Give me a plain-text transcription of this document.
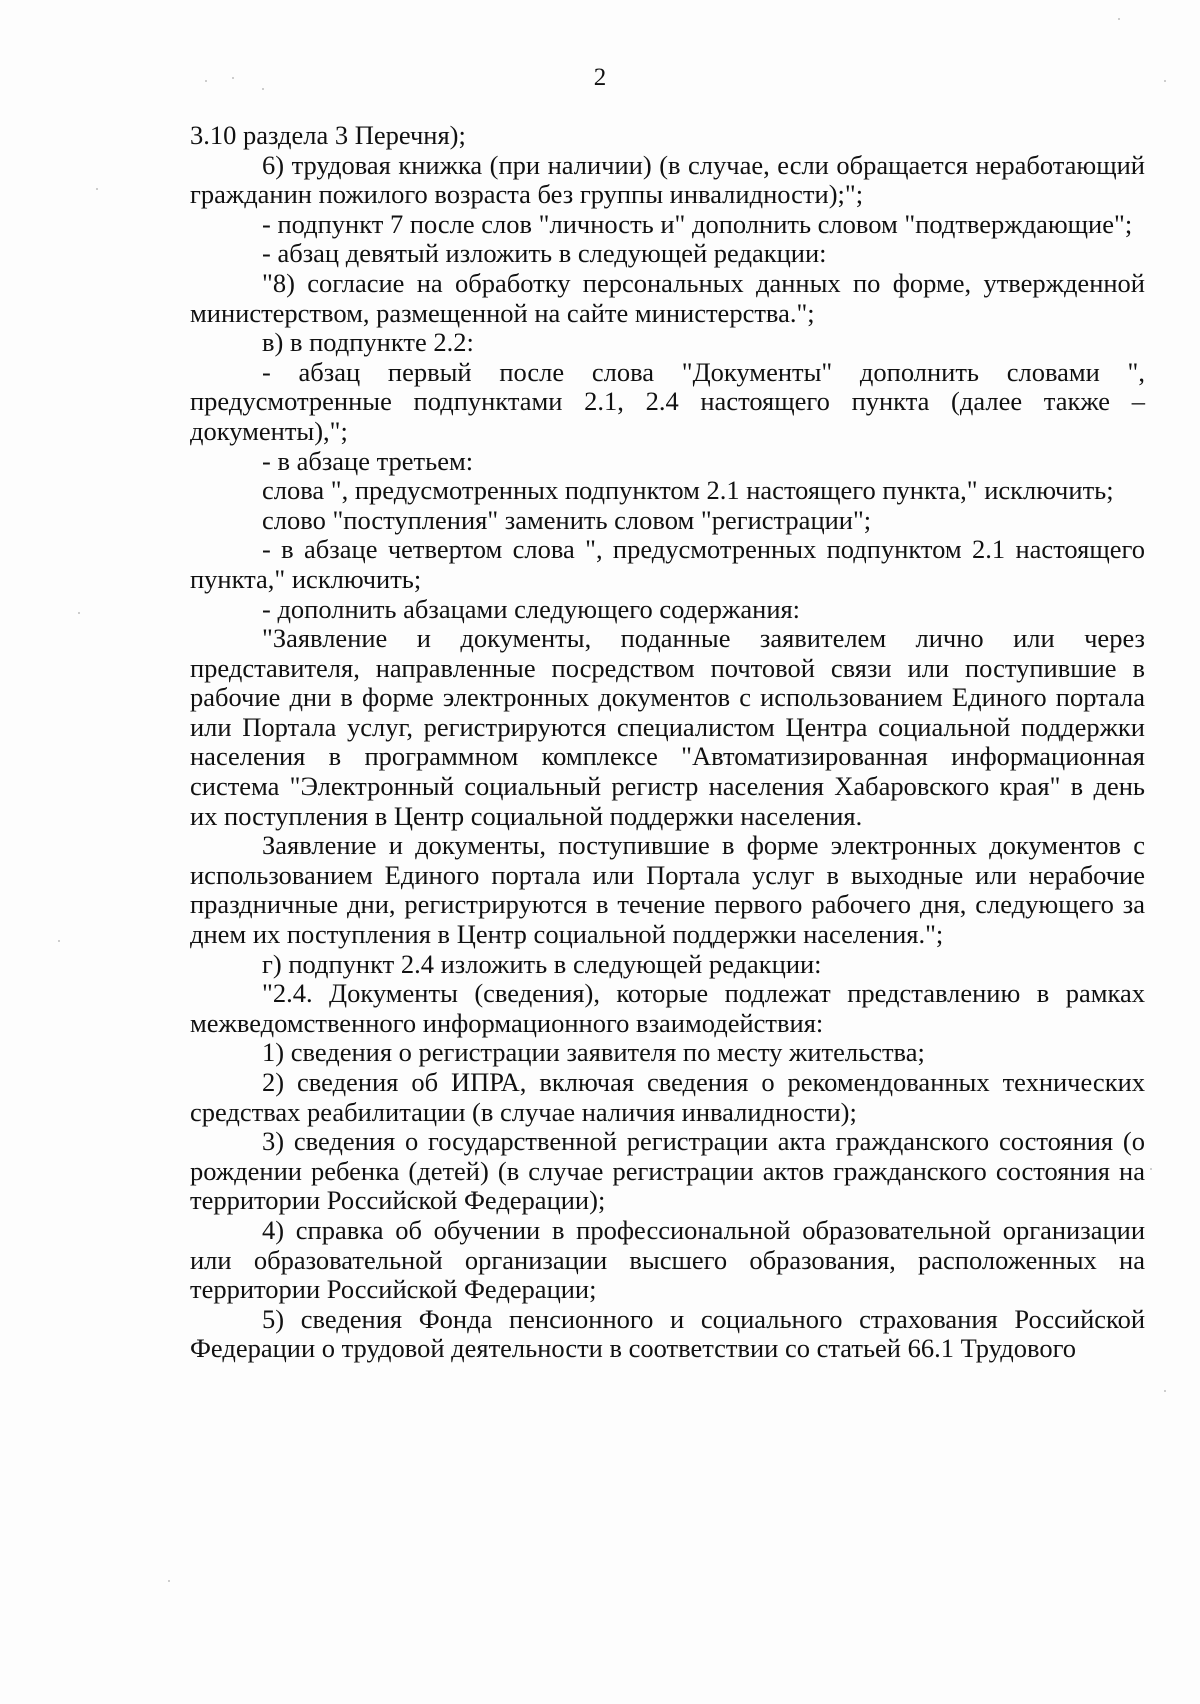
2

3.10 раздела 3 Перечня);

6) трудовая книжка (при наличии) (в случае, если обращается неработающий гражданин пожилого возраста без группы инвалидности);";

- подпункт 7 после слов "личность и" дополнить словом "подтверждающие";

- абзац девятый изложить в следующей редакции:

"8) согласие на обработку персональных данных по форме, утвержденной министерством, размещенной на сайте министерства.";

в) в подпункте 2.2:

- абзац первый после слова "Документы" дополнить словами ", предусмотренные подпунктами 2.1, 2.4 настоящего пункта (далее также – документы),";

- в абзаце третьем:

слова ", предусмотренных подпунктом 2.1 настоящего пункта," исключить;

слово "поступления" заменить словом "регистрации";

- в абзаце четвертом слова ", предусмотренных подпунктом 2.1 настоящего пункта," исключить;

- дополнить абзацами следующего содержания:

"Заявление и документы, поданные заявителем лично или через представителя, направленные посредством почтовой связи или поступившие в рабочие дни в форме электронных документов с использованием Единого портала или Портала услуг, регистрируются специалистом Центра социальной поддержки населения в программном комплексе "Автоматизированная информационная система "Электронный социальный регистр населения Хабаровского края" в день их поступления в Центр социальной поддержки населения.

Заявление и документы, поступившие в форме электронных документов с использованием Единого портала или Портала услуг в выходные или нерабочие праздничные дни, регистрируются в течение первого рабочего дня, следующего за днем их поступления в Центр социальной поддержки населения.";

г) подпункт 2.4 изложить в следующей редакции:

"2.4. Документы (сведения), которые подлежат представлению в рамках межведомственного информационного взаимодействия:

1) сведения о регистрации заявителя по месту жительства;

2) сведения об ИПРА, включая сведения о рекомендованных технических средствах реабилитации (в случае наличия инвалидности);

3) сведения о государственной регистрации акта гражданского состояния (о рождении ребенка (детей) (в случае регистрации актов гражданского состояния на территории Российской Федерации);

4) справка об обучении в профессиональной образовательной организации или образовательной организации высшего образования, расположенных на территории Российской Федерации;

5) сведения Фонда пенсионного и социального страхования Российской Федерации о трудовой деятельности в соответствии со статьей 66.1 Трудового
